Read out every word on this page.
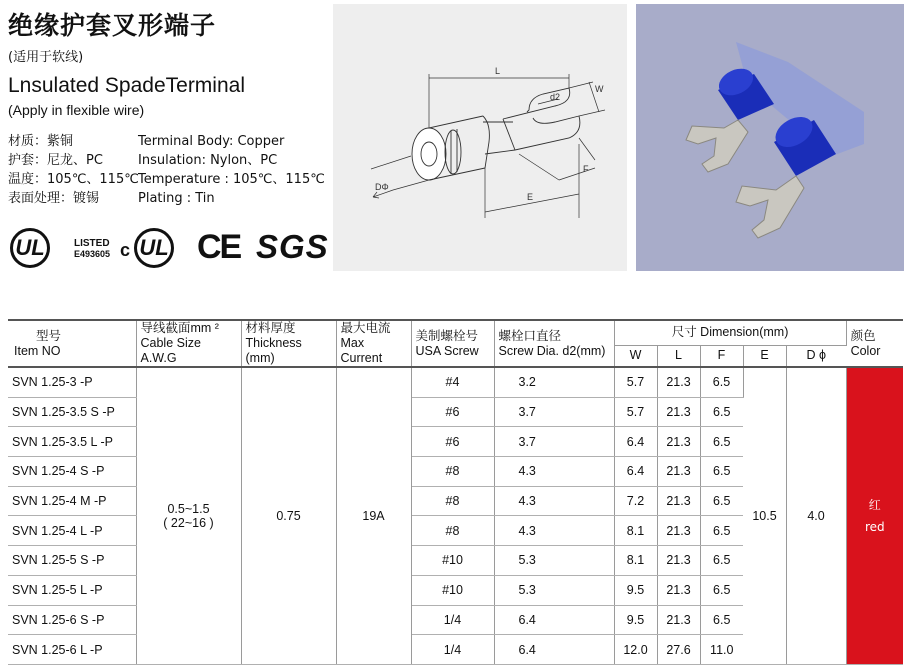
绝缘护套叉形端子
(适用于软线)
Lnsulated SpadeTerminal
(Apply in flexible wire)
材质：紫铜
护套：尼龙、PC
温度：105℃、115℃
表面处理：镀锡
Terminal Body: Copper
Insulation: Nylon、PC
Temperature : 105℃、115℃
Plating : Tin
UL	LISTED
E493605 c UL CE SGS
L
W
d2
F
E
DΦ
型号
Item NO	导线截面mm ²
Cable Size A.W.G	材料厚度
Thickness (mm)	最大电流
Max Current	美制螺栓号
USA Screw	螺栓口直径
Screw Dia. d2(mm)	尺寸 Dimension(mm)					颜色
Color
						W	L	F	E	D ϕ	
SVN 1.25-3 -P	0.5~1.5
( 22~16 )	0.75	19A	#4	3.2	5.7	21.3	6.5	10.5	4.0	红
red
SVN 1.25-3.5 S -P				#6	3.7	5.7	21.3	6.5			
SVN 1.25-3.5 L -P				#6	3.7	6.4	21.3	6.5			
SVN 1.25-4 S -P				#8	4.3	6.4	21.3	6.5			
SVN 1.25-4 M -P				#8	4.3	7.2	21.3	6.5			
SVN 1.25-4 L -P				#8	4.3	8.1	21.3	6.5			
SVN 1.25-5 S -P				#10	5.3	8.1	21.3	6.5			
SVN 1.25-5 L -P				#10	5.3	9.5	21.3	6.5			
SVN 1.25-6 S -P				1/4	6.4	9.5	21.3	6.5			
SVN 1.25-6 L -P				1/4	6.4	12.0	27.6	11.0			
